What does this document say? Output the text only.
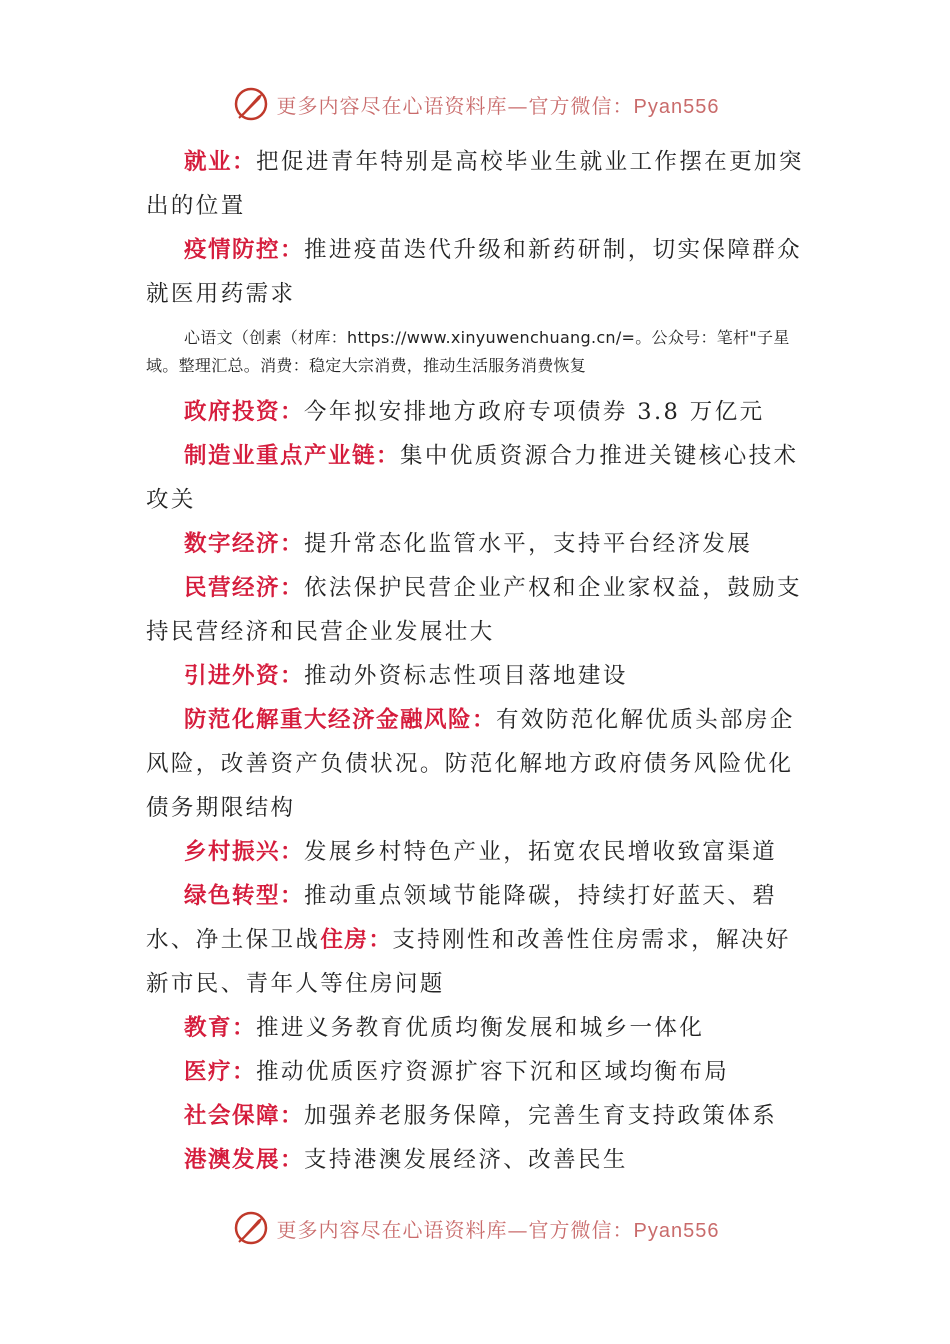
更多内容尽在心语资料库—官方微信：Pyan556

就业：把促进青年特别是高校毕业生就业工作摆在更加突出的位置

疫情防控：推进疫苗迭代升级和新药研制，切实保障群众就医用药需求

心语文（创素（材库：https://www.xinyuwenchuang.cn/=。公众号：笔杆"子星域。整理汇总。消费：稳定大宗消费，推动生活服务消费恢复

政府投资：今年拟安排地方政府专项债券 3.8 万亿元

制造业重点产业链：集中优质资源合力推进关键核心技术攻关

数字经济：提升常态化监管水平，支持平台经济发展

民营经济：依法保护民营企业产权和企业家权益，鼓励支持民营经济和民营企业发展壮大

引进外资：推动外资标志性项目落地建设

防范化解重大经济金融风险：有效防范化解优质头部房企风险，改善资产负债状况。防范化解地方政府债务风险优化债务期限结构

乡村振兴：发展乡村特色产业，拓宽农民增收致富渠道

绿色转型：推动重点领域节能降碳，持续打好蓝天、碧水、净土保卫战住房：支持刚性和改善性住房需求，解决好新市民、青年人等住房问题

教育：推进义务教育优质均衡发展和城乡一体化

医疗：推动优质医疗资源扩容下沉和区域均衡布局

社会保障：加强养老服务保障，完善生育支持政策体系

港澳发展：支持港澳发展经济、改善民生

更多内容尽在心语资料库—官方微信：Pyan556
